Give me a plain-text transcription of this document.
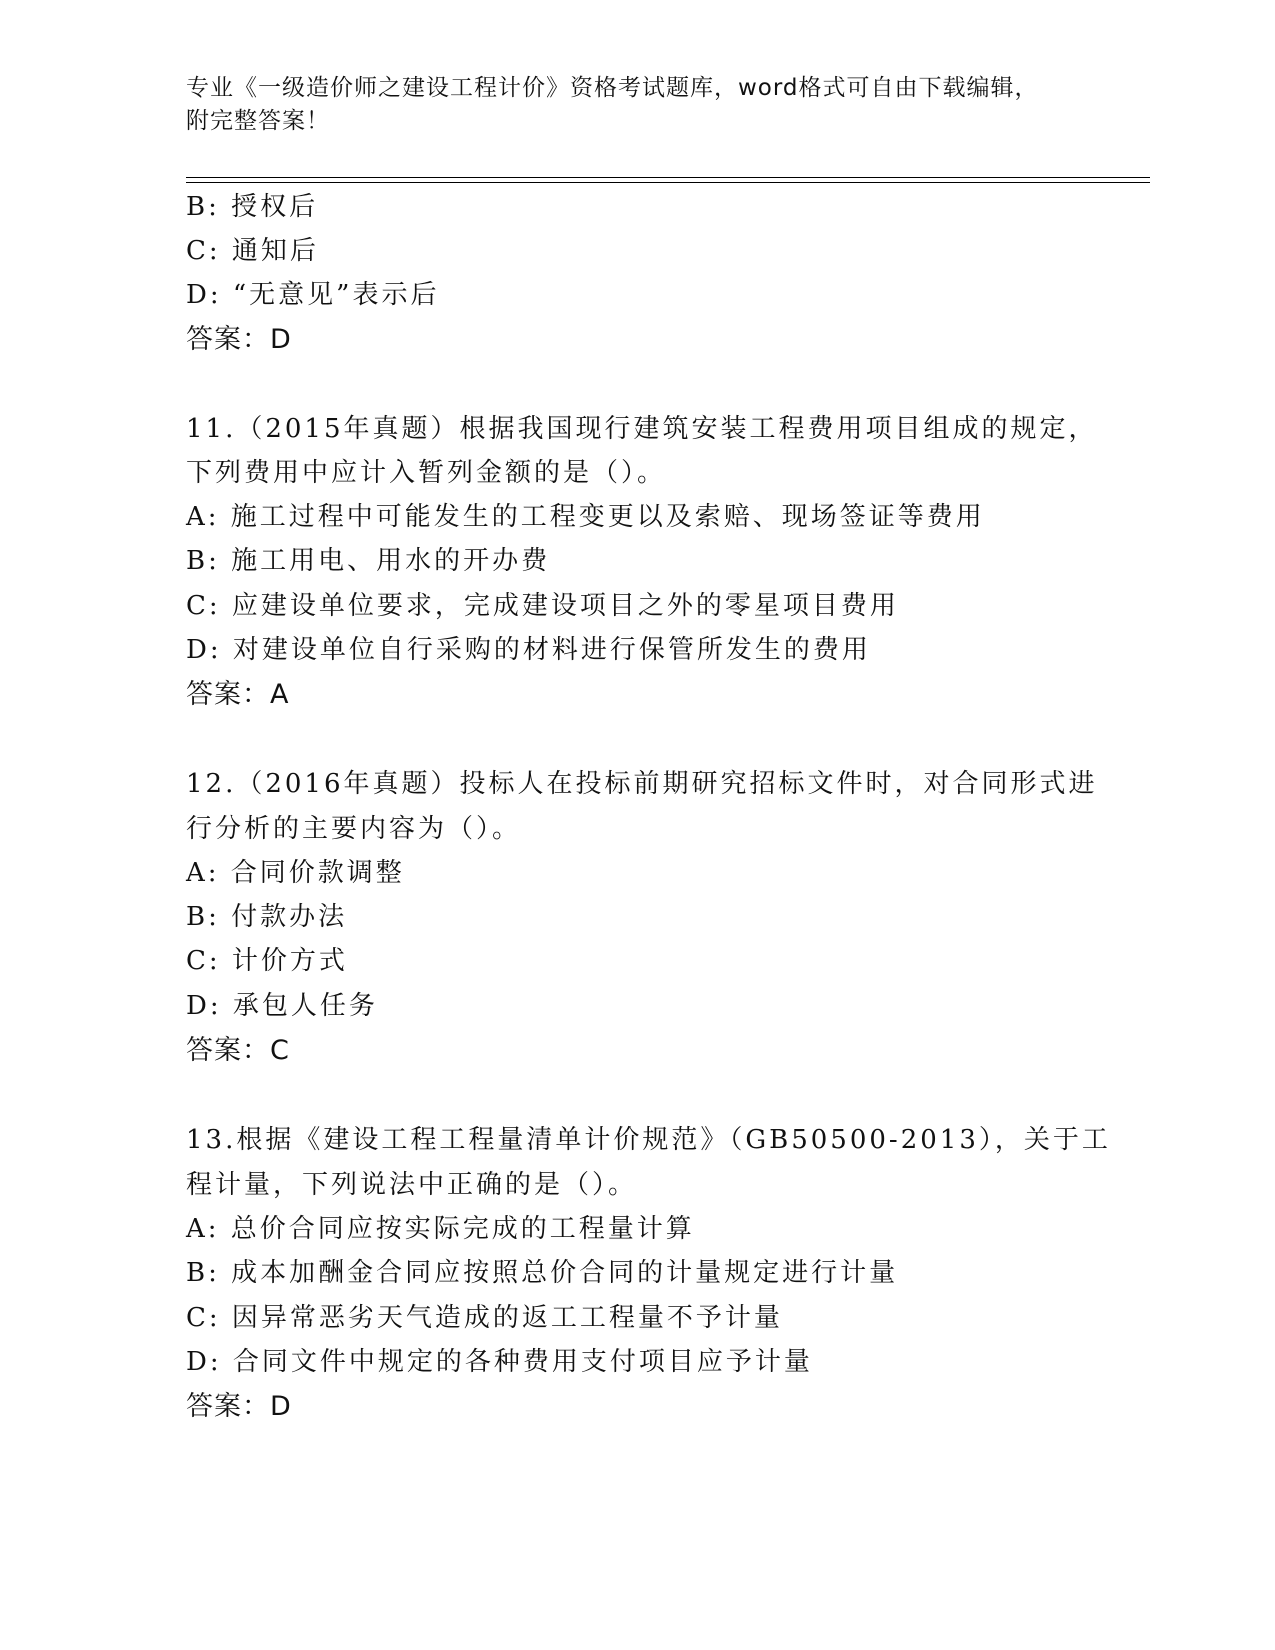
专业《一级造价师之建设工程计价》资格考试题库，word格式可自由下载编辑，
附完整答案！
B: 授权后
C: 通知后
D: “无意见”表示后
答案：D
11.（2015年真题）根据我国现行建筑安装工程费用项目组成的规定，
下列费用中应计入暂列金额的是（）。
A: 施工过程中可能发生的工程变更以及索赔、现场签证等费用
B: 施工用电、用水的开办费
C: 应建设单位要求，完成建设项目之外的零星项目费用
D: 对建设单位自行采购的材料进行保管所发生的费用
答案：A
12.（2016年真题）投标人在投标前期研究招标文件时，对合同形式进
行分析的主要内容为（）。
A: 合同价款调整
B: 付款办法
C: 计价方式
D: 承包人任务
答案：C
13.根据《建设工程工程量清单计价规范》（GB50500-2013），关于工
程计量，下列说法中正确的是（）。
A: 总价合同应按实际完成的工程量计算
B: 成本加酬金合同应按照总价合同的计量规定进行计量
C: 因异常恶劣天气造成的返工工程量不予计量
D: 合同文件中规定的各种费用支付项目应予计量
答案：D
